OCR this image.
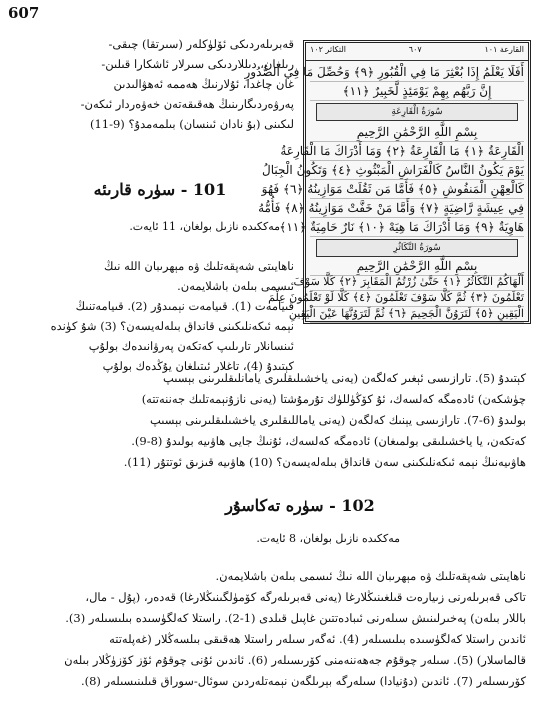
607
قەبرىلەردىكى ئۆلۈكلەر (سىرتقا) چىقى-
رىلغان، دىللاردىكى سىرلار ئاشكارا قىلىن-
غان چاغدا، ئۇلارنىڭ ھەممە ئەھۋالىدىن
پەرۋەردىگارىنىڭ ھەقىقەتەن خەۋەردار ئىكەن-
لىكىنى (بۇ نادان ئىنسان) بىلمەمدۇ؟ (9-11)
101 - سۈرە قارىئە
مەككىدە نازىل بولغان، 11 ئايەت.
ناھايىتى شەپقەتلىك ۋە مېھرىبان اللە نىڭ
ئىسمى بىلەن باشلايمەن.
قىيامەت (1). قىيامەت نېمىدۇر (2). قىيامەتنىڭ
نېمە ئىكەنلىكىنى قانداق بىلەلەيسەن؟ (3) شۇ كۈندە
ئىنسانلار تارىلىپ كەتكەن پەرۋانىدەك بولۇپ
كېتىدۇ (4)، تاغلار ئىتىلغان يۇڭدەك بولۇپ
كېتىدۇ (5). تارازىسى ئېغىر كەلگەن (يەنى ياخشىلىقلىرى يامانلىقلىرىنى بېسىپ
چۈشكەن) ئادەمگە كەلسەك، ئۇ كۆڭۈللۈك تۇرمۇشتا (يەنى نازۇنېمەتلىك جەننەتتە)
بولىدۇ (6-7). تارازىسى يېنىك كەلگەن (يەنى ياماللىقلىرى ياخشىلىقلىرىنى بېسىپ
كەتكەن، يا ياخشىلىقى بولمىغان) ئادەمگە كەلسەك، ئۇنىڭ جايى ھاۋىيە بولىدۇ (8-9).
ھاۋىيەنىڭ نېمە ئىكەنلىكىنى سەن قانداق بىلەلەيسەن؟ (10) ھاۋىيە قىزىق ئوتتۇر (11).
102 - سۈرە تەكاسۇر
مەككىدە نازىل بولغان، 8 ئايەت.
ناھايىتى شەپقەتلىك ۋە مېھرىبان اللە نىڭ ئىسمى بىلەن باشلايمەن.
تاكى قەبرىلەرنى زىيارەت قىلغىنىڭلارغا (يەنى قەبرىلەرگە كۆمۈلگىنىڭلارغا) قەدەر، (پۇل - مال،
باللار بىلەن) پەخىرلىنىش سىلەرنى ئىبادەتتىن غاپىل قىلدى (1-2). راستلا كەلگۈسىدە بىلىسىلەر (3).
ئاندىن راستلا كەلگۈسىدە بىلىسىلەر (4). ئەگەر سىلەر راستلا ھەقىقى بىلسەڭلار (غەپلەتتە
قالماسلار) (5). سىلەر چوقۇم جەھەننەمنى كۆرىسىلەر (6). ئاندىن ئۇنى چوقۇم ئۆز كۆزۈڭلار بىلەن
كۆرىسىلەر (7). ئاندىن (دۇنيادا) سىلەرگە بېرىلگەن نېمەتلەردىن سوئال-سوراق قىلىنىسىلەر (8).
التكاثر ١٠٢	٦٠٧	القارعة ١٠١
أَفَلَا يَعْلَمُ إِذَا بُعْثِرَ مَا فِي الْقُبُورِ ﴿٩﴾ وَحُصِّلَ مَا فِي الصُّدُورِ
إِنَّ رَبَّهُم بِهِمْ يَوْمَئِذٍ لَّخَبِيرٌ ﴿١١﴾
سُورَةُ الْقَارِعَةِ
بِسْمِ اللَّهِ الرَّحْمَٰنِ الرَّحِيمِ
الْقَارِعَةُ ﴿١﴾ مَا الْقَارِعَةُ ﴿٢﴾ وَمَا أَدْرَاكَ مَا الْقَارِعَةُ
يَوْمَ يَكُونُ النَّاسُ كَالْفَرَاشِ الْمَبْثُوثِ ﴿٤﴾ وَتَكُونُ الْجِبَالُ
كَالْعِهْنِ الْمَنفُوشِ ﴿٥﴾ فَأَمَّا مَن ثَقُلَتْ مَوَازِينُهُ ﴿٦﴾ فَهُوَ
فِي عِيشَةٍ رَّاضِيَةٍ ﴿٧﴾ وَأَمَّا مَنْ خَفَّتْ مَوَازِينُهُ ﴿٨﴾ فَأُمُّهُ
هَاوِيَةٌ ﴿٩﴾ وَمَا أَدْرَاكَ مَا هِيَهْ ﴿١٠﴾ نَارٌ حَامِيَةٌ ﴿١١﴾
سُورَةُ التَّكَاثُرِ
بِسْمِ اللَّهِ الرَّحْمَٰنِ الرَّحِيمِ
أَلْهَاكُمُ التَّكَاثُرُ ﴿١﴾ حَتَّىٰ زُرْتُمُ الْمَقَابِرَ ﴿٢﴾ كَلَّا سَوْفَ
تَعْلَمُونَ ﴿٣﴾ ثُمَّ كَلَّا سَوْفَ تَعْلَمُونَ ﴿٤﴾ كَلَّا لَوْ تَعْلَمُونَ عِلْمَ
الْيَقِينِ ﴿٥﴾ لَتَرَوُنَّ الْجَحِيمَ ﴿٦﴾ ثُمَّ لَتَرَوُنَّهَا عَيْنَ الْيَقِينِ
